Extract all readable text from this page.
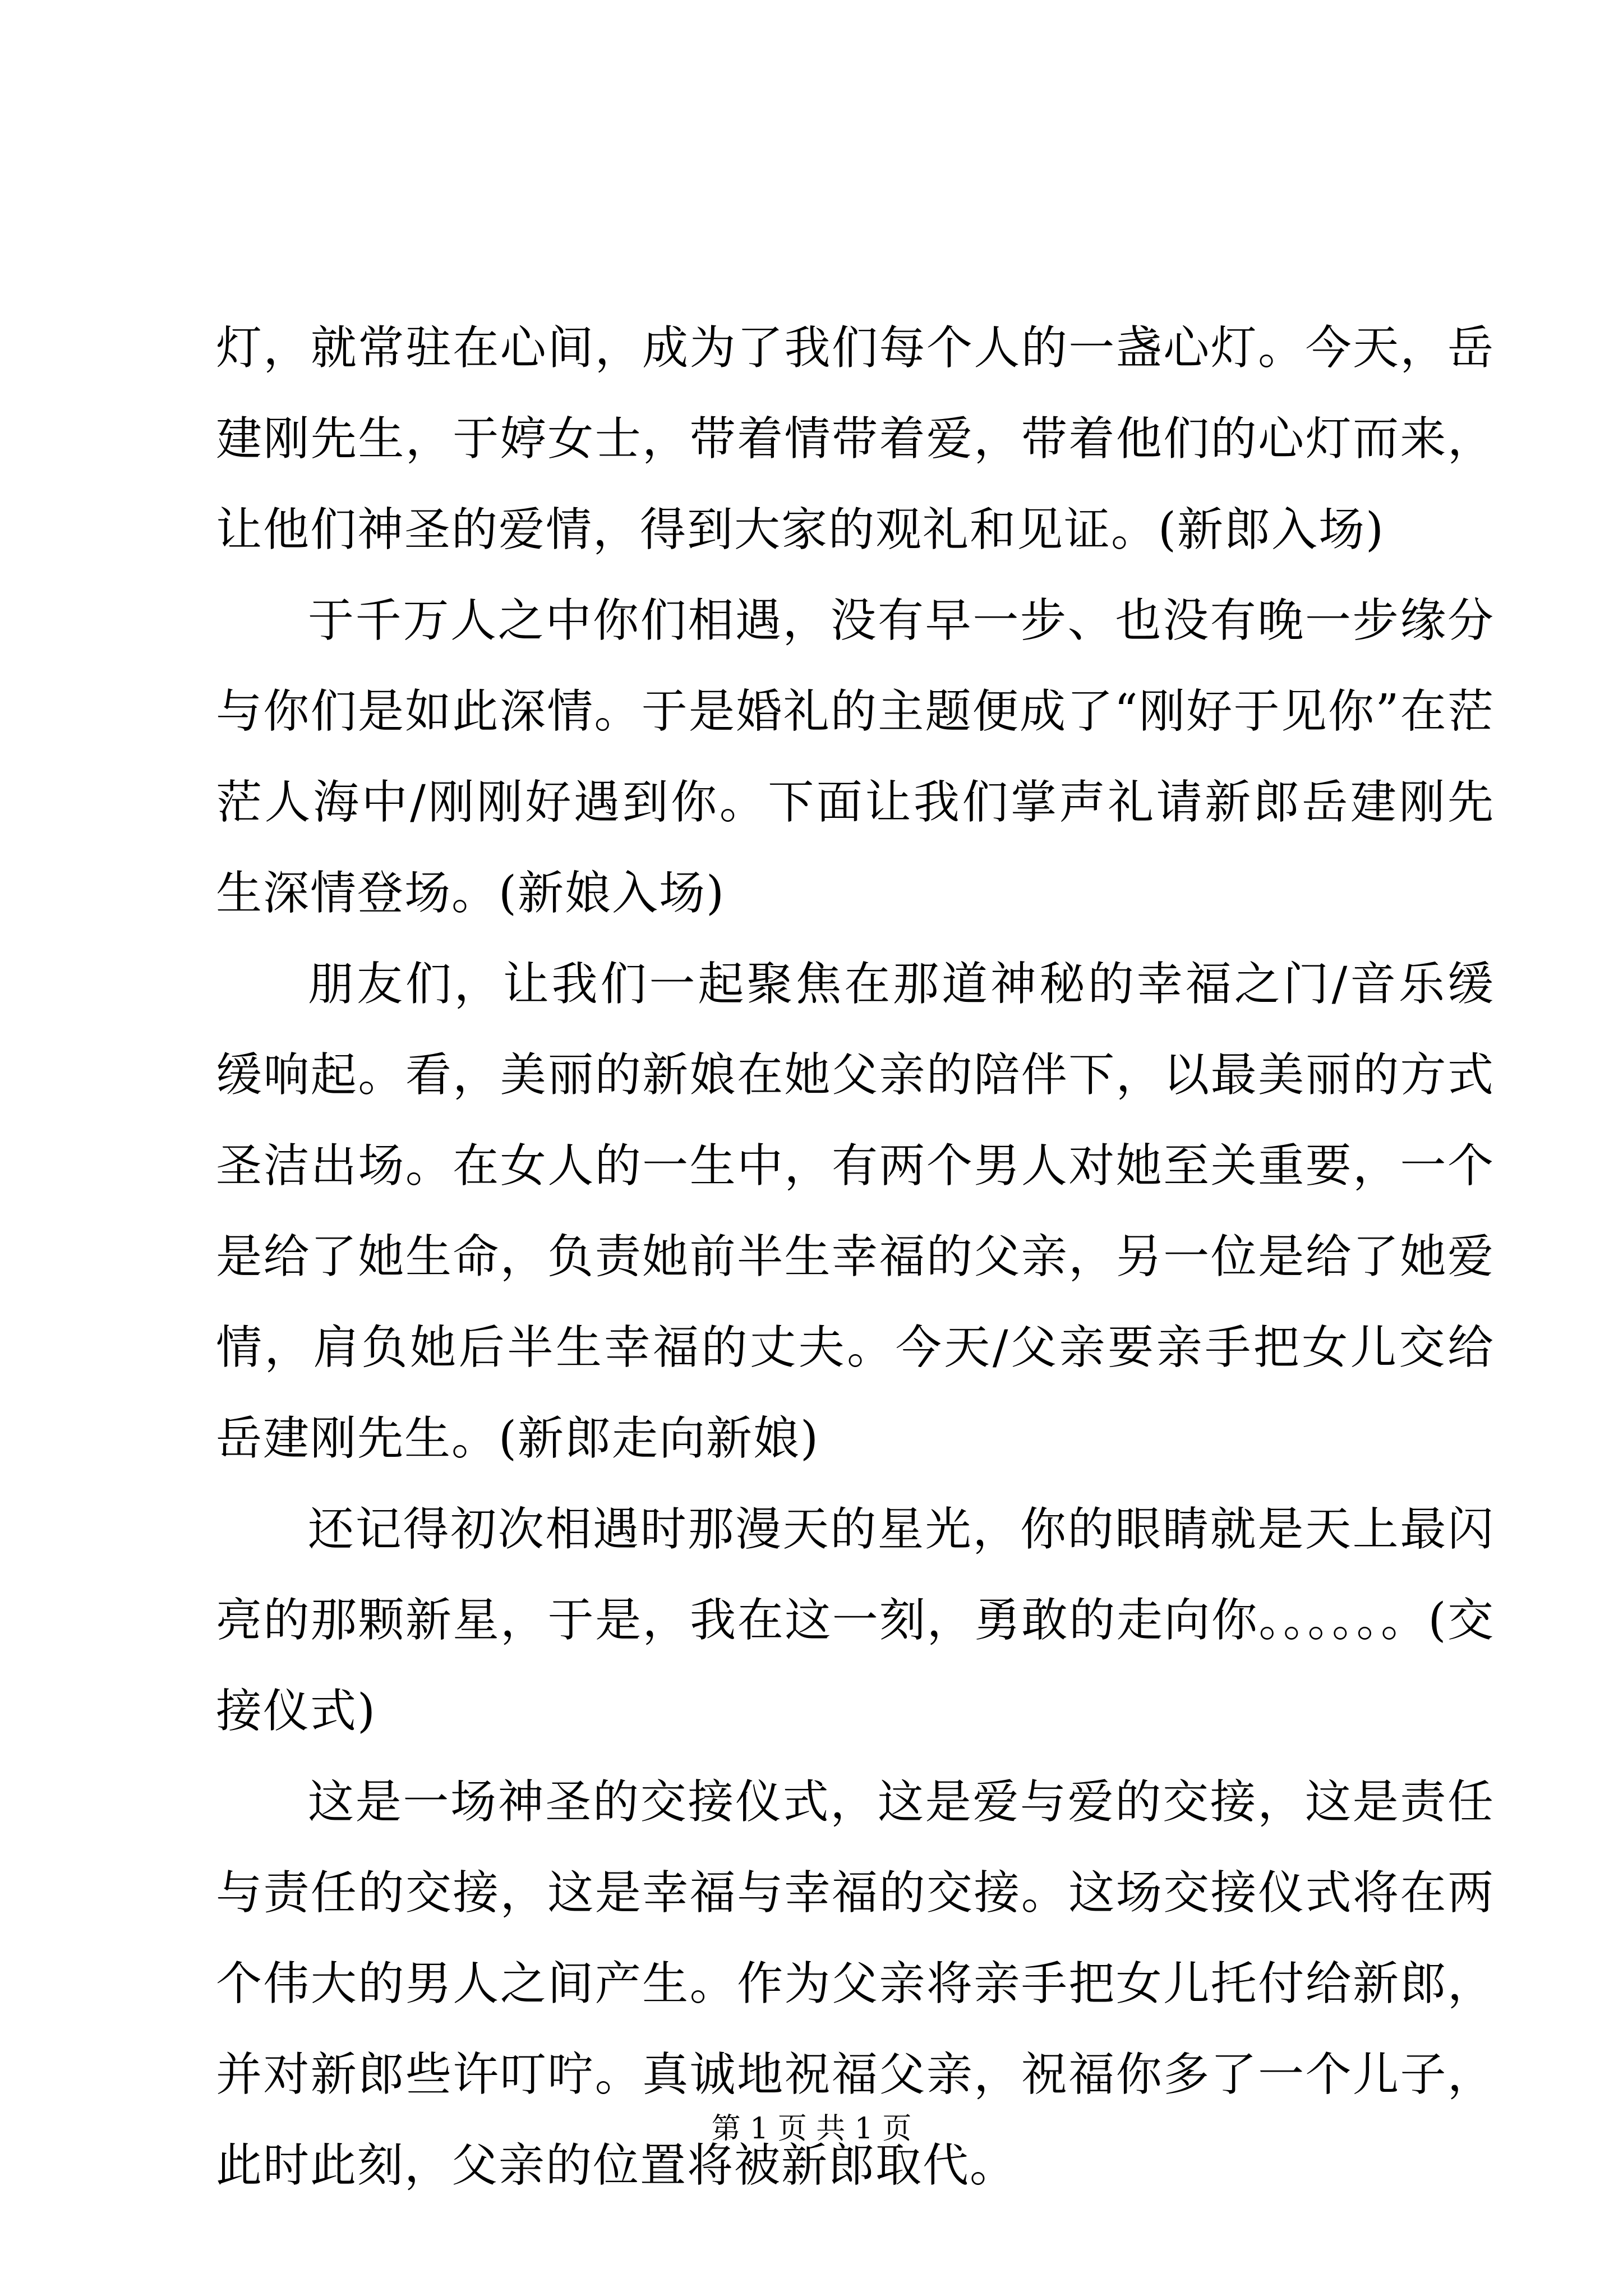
灯，就常驻在心间，成为了我们每个人的一盏心灯。今天，岳建刚先生，于婷女士，带着情带着爱，带着他们的心灯而来，让他们神圣的爱情，得到大家的观礼和见证。(新郎入场)

于千万人之中你们相遇，没有早一步、也没有晚一步缘分与你们是如此深情。于是婚礼的主题便成了“刚好于见你”在茫茫人海中/刚刚好遇到你。下面让我们掌声礼请新郎岳建刚先生深情登场。(新娘入场)

朋友们，让我们一起聚焦在那道神秘的幸福之门/音乐缓缓响起。看，美丽的新娘在她父亲的陪伴下，以最美丽的方式圣洁出场。在女人的一生中，有两个男人对她至关重要，一个是给了她生命，负责她前半生幸福的父亲，另一位是给了她爱情，肩负她后半生幸福的丈夫。今天/父亲要亲手把女儿交给岳建刚先生。(新郎走向新娘)

还记得初次相遇时那漫天的星光，你的眼睛就是天上最闪亮的那颗新星，于是，我在这一刻，勇敢的走向你。。。。。。(交接仪式)

这是一场神圣的交接仪式，这是爱与爱的交接，这是责任与责任的交接，这是幸福与幸福的交接。这场交接仪式将在两个伟大的男人之间产生。作为父亲将亲手把女儿托付给新郎，并对新郎些许叮咛。真诚地祝福父亲，祝福你多了一个儿子，此时此刻，父亲的位置将被新郎取代。

第 1 页 共 1 页
